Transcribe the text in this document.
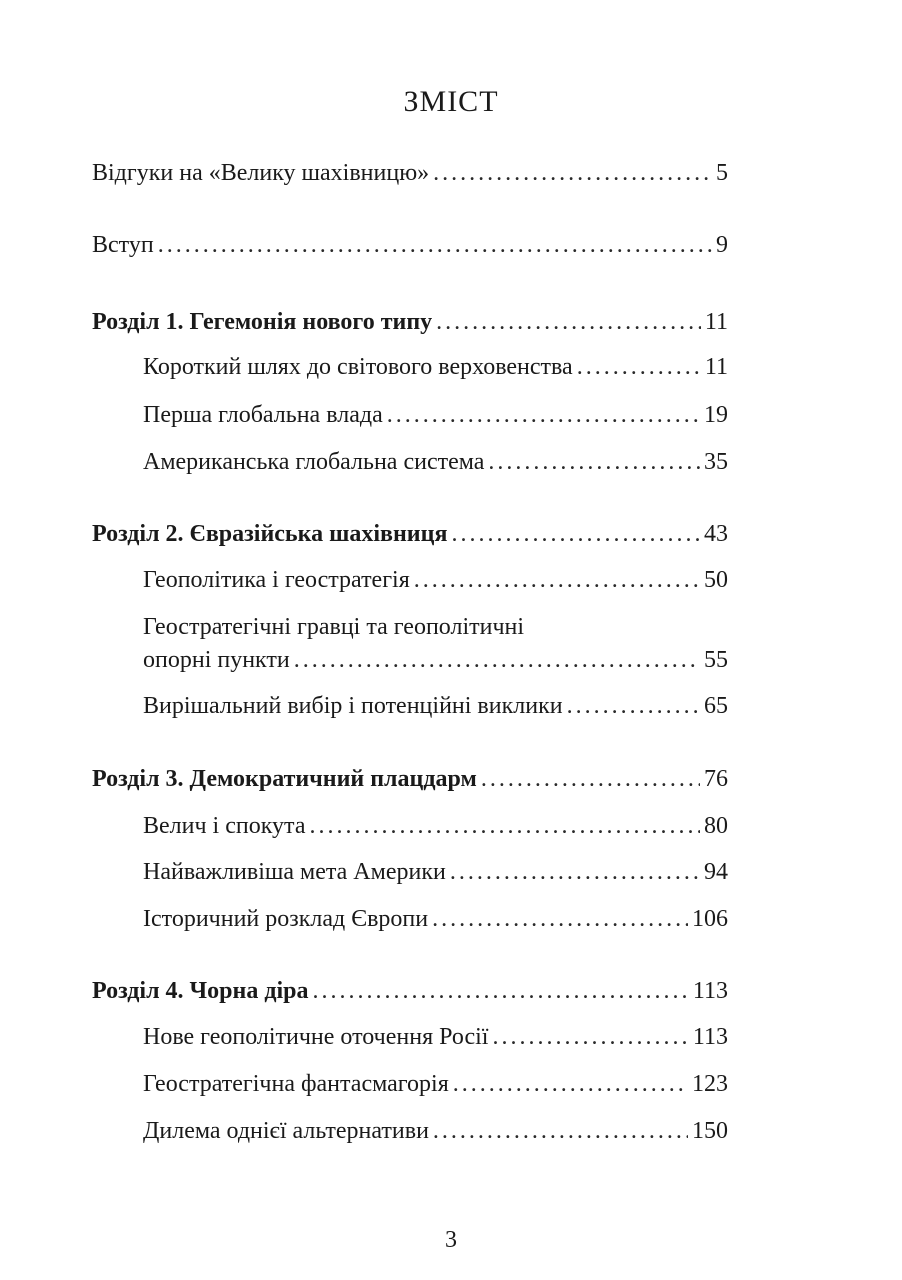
ЗМІСТ
Відгуки на «Велику шахівницю» .....	5
Вступ .....	9
Розділ 1. Гегемонія нового типу .....	11
Короткий шлях до світового верховенства .....	11
Перша глобальна влада .....	19
Американська глобальна система .....	35
Розділ 2. Євразійська шахівниця .....	43
Геополітика і геостратегія .....	50
Геостратегічні гравці та геополітичні
опорні пункти .....	55
Вирішальний вибір і потенційні виклики .....	65
Розділ 3. Демократичний плацдарм .....	76
Велич і спокута .....	80
Найважливіша мета Америки .....	94
Історичний розклад Європи .....	106
Розділ 4. Чорна діра .....	113
Нове геополітичне оточення Росії .....	113
Геостратегічна фантасмагорія .....	123
Дилема однієї альтернативи .....	150
3
